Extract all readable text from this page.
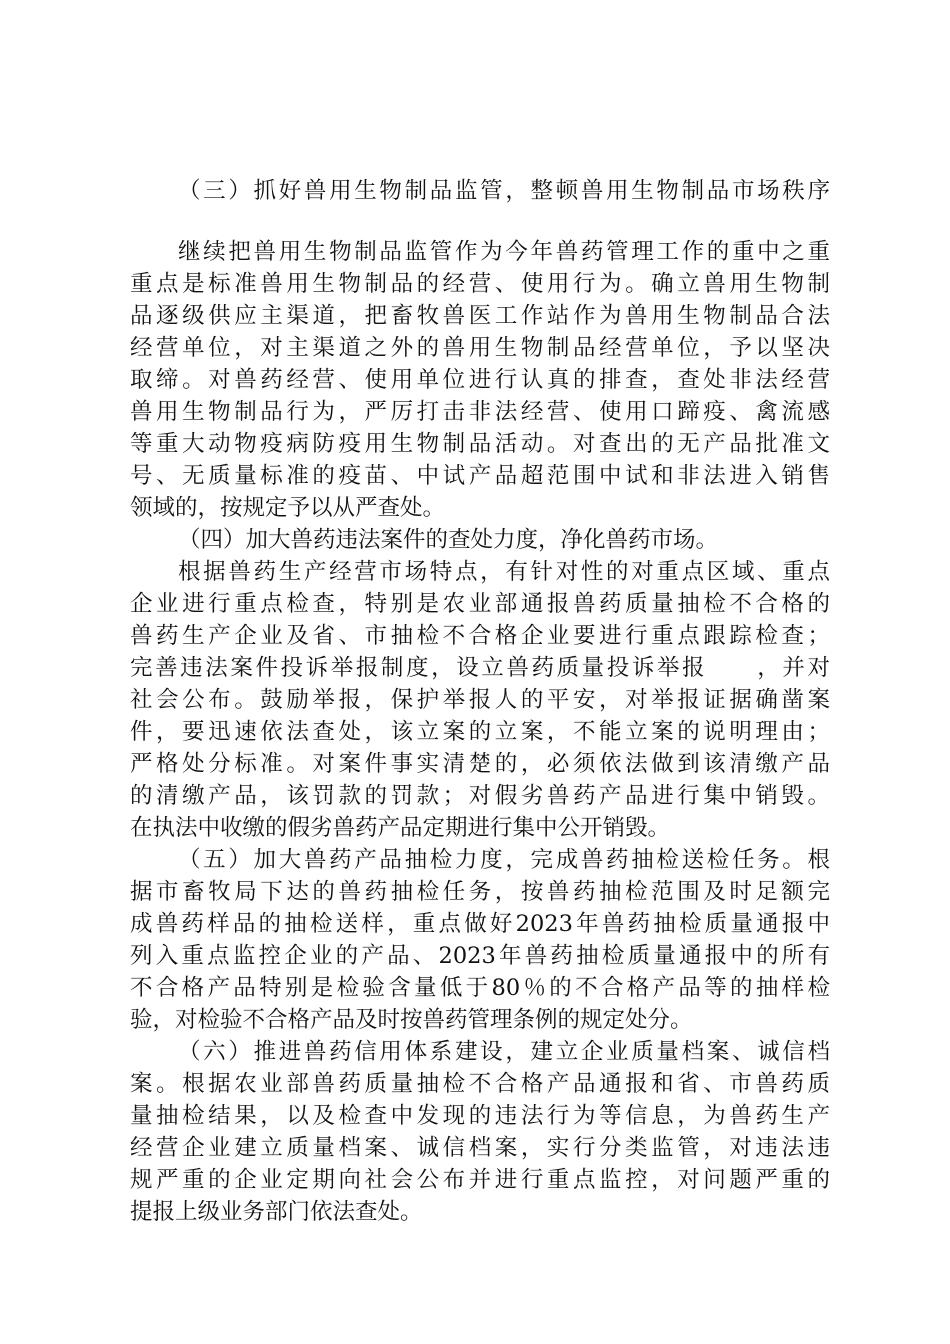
（三）抓好兽用生物制品监管，整顿兽用生物制品市场秩序
继续把兽用生物制品监管作为今年兽药管理工作的重中之重
重点是标准兽用生物制品的经营、使用行为。确立兽用生物制
品逐级供应主渠道，把畜牧兽医工作站作为兽用生物制品合法
经营单位，对主渠道之外的兽用生物制品经营单位，予以坚决
取缔。对兽药经营、使用单位进行认真的排查，查处非法经营
兽用生物制品行为，严厉打击非法经营、使用口蹄疫、禽流感
等重大动物疫病防疫用生物制品活动。对查出的无产品批准文
号、无质量标准的疫苗、中试产品超范围中试和非法进入销售
领域的，按规定予以从严查处。
（四）加大兽药违法案件的查处力度，净化兽药市场。
根据兽药生产经营市场特点，有针对性的对重点区域、重点
企业进行重点检查，特别是农业部通报兽药质量抽检不合格的
兽药生产企业及省、市抽检不合格企业要进行重点跟踪检查；
完善违法案件投诉举报制度，设立兽药质量投诉举报　　，并对
社会公布。鼓励举报，保护举报人的平安，对举报证据确凿案
件，要迅速依法查处，该立案的立案，不能立案的说明理由；
严格处分标准。对案件事实清楚的，必须依法做到该清缴产品
的清缴产品，该罚款的罚款；对假劣兽药产品进行集中销毁。
在执法中收缴的假劣兽药产品定期进行集中公开销毁。
（五）加大兽药产品抽检力度，完成兽药抽检送检任务。根
据市畜牧局下达的兽药抽检任务，按兽药抽检范围及时足额完
成兽药样品的抽检送样，重点做好2023年兽药抽检质量通报中
列入重点监控企业的产品、2023年兽药抽检质量通报中的所有
不合格产品特别是检验含量低于80％的不合格产品等的抽样检
验，对检验不合格产品及时按兽药管理条例的规定处分。
（六）推进兽药信用体系建设，建立企业质量档案、诚信档
案。根据农业部兽药质量抽检不合格产品通报和省、市兽药质
量抽检结果，以及检查中发现的违法行为等信息，为兽药生产
经营企业建立质量档案、诚信档案，实行分类监管，对违法违
规严重的企业定期向社会公布并进行重点监控，对问题严重的
提报上级业务部门依法查处。
